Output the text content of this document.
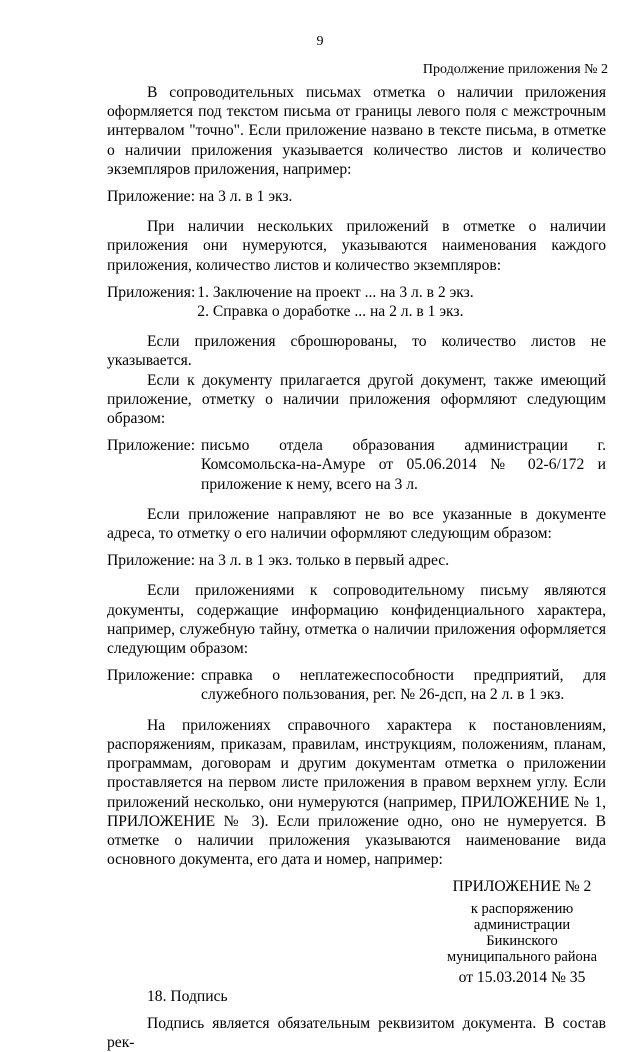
9
Продолжение приложения № 2

В сопроводительных письмах отметка о наличии приложения оформляется под текстом письма от границы левого поля с межстрочным интервалом "точно". Если приложение названо в тексте письма, в отметке о наличии приложения указывается количество листов и количество экземпляров приложения, например:

Приложение: на 3 л. в 1 экз.

При наличии нескольких приложений в отметке о наличии приложения они нумеруются, указываются наименования каждого приложения, количество листов и количество экземпляров:

Приложения: 1. Заключение на проект ... на 3 л. в 2 экз.
2. Справка о доработке ... на 2 л. в 1 экз.

Если приложения сброшюрованы, то количество листов не указывается.

Если к документу прилагается другой документ, также имеющий приложение, отметку о наличии приложения оформляют следующим образом:

Приложение: письмо отдела образования администрации г. Комсомольска-на-Амуре от 05.06.2014 № 02-6/172 и приложение к нему, всего на 3 л.

Если приложение направляют не во все указанные в документе адреса, то отметку о его наличии оформляют следующим образом:

Приложение: на 3 л. в 1 экз. только в первый адрес.

Если приложениями к сопроводительному письму являются документы, содержащие информацию конфиденциального характера, например, служебную тайну, отметка о наличии приложения оформляется следующим образом:

Приложение: справка о неплатежеспособности предприятий, для служебного пользования, рег. № 26-дсп, на 2 л. в 1 экз.

На приложениях справочного характера к постановлениям, распоряжениям, приказам, правилам, инструкциям, положениям, планам, программам, договорам и другим документам отметка о приложении проставляется на первом листе приложения в правом верхнем углу. Если приложений несколько, они нумеруются (например, ПРИЛОЖЕНИЕ № 1, ПРИЛОЖЕНИЕ № 3). Если приложение одно, оно не нумеруется. В отметке о наличии приложения указываются наименование вида основного документа, его дата и номер, например:

ПРИЛОЖЕНИЕ № 2
к распоряжению
администрации
Бикинского
муниципального района
от 15.03.2014 № 35

18. Подпись

Подпись является обязательным реквизитом документа. В состав рек-
